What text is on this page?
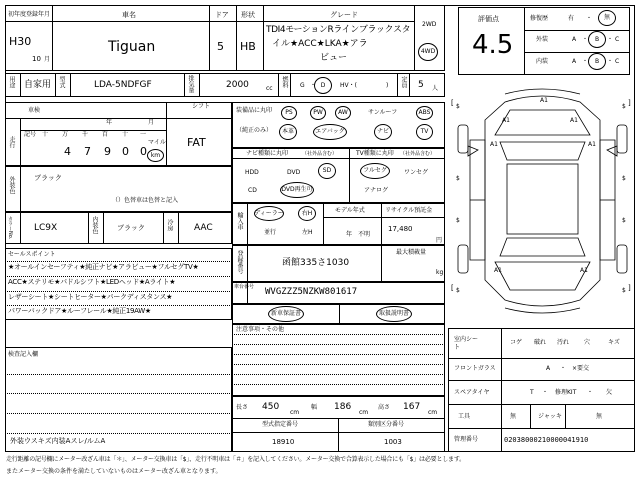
初年度登録年月
H30
10 月
車名
Tiguan
ドア
5
形状
HB
グレード
TDI4モーションRラインブラックスタ
イル★ACC★LKA★アラ
ビュー
2WD
4WD
評価点
4.5
修復歴	有 ・ 無
外装	A ・ B ・ C
内装	A ・ B ・ C
用途 自家用 型式	LDA-5NDFGF	排気量	2000	cc
燃料 G ・ D HV・(	) 定員 5 人
車検
年	月
シフト
FAT
走行
記号 十 万 千 百 十 一
4 7 9 0 0
マイル
km
外装色	ブラック
（）色替車は色替と記入
カラーNo. LC9X	内装色	ブラック	冷房 AAC
セールスポイント
★オールインセーフティ★純正ナビ★アラビュー★フルセグTV★
ACC★ステリモ★パドルシフト★LEDヘッド★Aライト★
レザーシート★シートヒーター★パークディスタンス★
パワーバックドア★ルーフレール★純正19AW★
検査記入欄
外装ウスキズ内装Aスレ/ルムA
装備品に丸印
（純正のみ）
PS	PW	AW	サンルーフ	ABS
本革	エアバック	ナビ	TV
ナビ種類に丸印	（社外品含む）	TV種類に丸印 （社外品含む）
HDD	DVD	SD
CD	DVD再生可
フルセグ	ワンセグ
アナログ
輸入車 ディーラー	右H
並行	左H
モデル年式
年　不明
リサイクル預託金
17,480
円
登録番号	函館335さ1030
最大積載量
kg
車台番号 WVGZZZ5NZKW801617
新車保証書	取扱説明書
注意事項・その他
長さ 450
cm
幅 186
cm
高さ 167
cm
型式指定番号
18910
類別区分番号
1003
A1
A1	A1
A1	A1
A1	A1
[	]
[	]
$	$
$	$
$	$
$	$
室内シート
コゲ 破れ 汚れ 穴	キズ
フロントガラス	A ・ ×要交
スペアタイヤ	T ・ 修理KIT ・ 欠
工具	無	ジャッキ	無
管理番号	0203800021000004191​0
走行距離の記号欄にメーター改ざん車は「＊」、メーター交換車は「$」、走行不明車は「＃」を記入してください。メーター交換で合算表示した場合にも「$」は必要とします。
またメーター交換の条件を満たしていないものはメーター改ざん車となります。
